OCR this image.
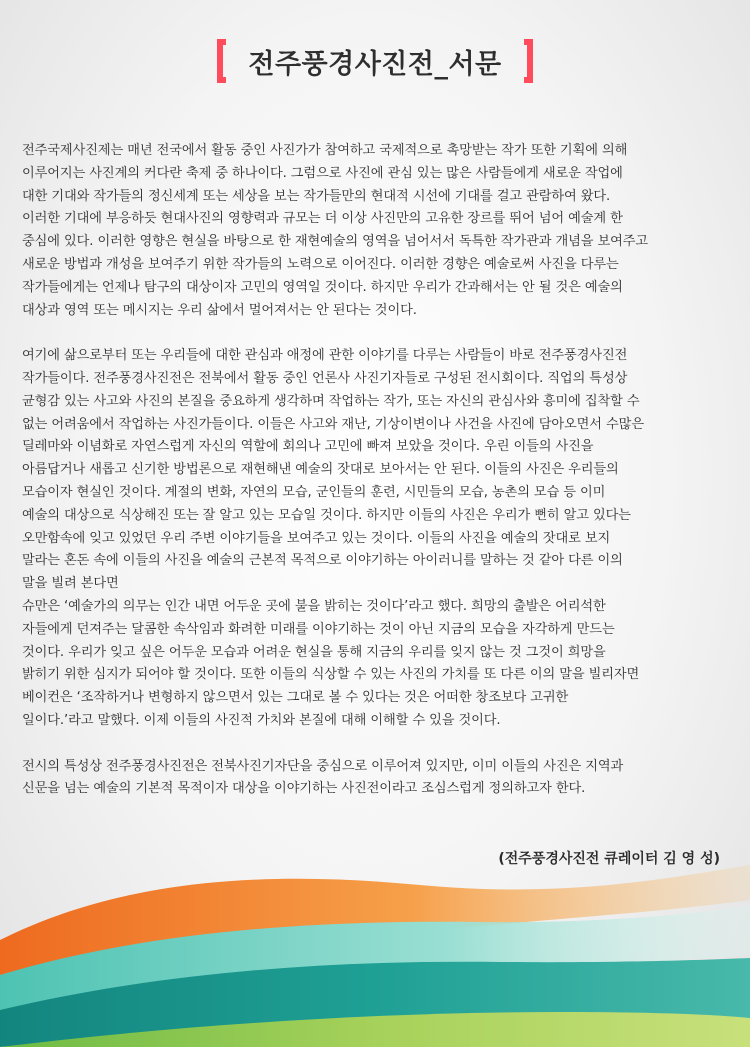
전주풍경사진전_서문

전주국제사진제는 매년 전국에서 활동 중인 사진가가 참여하고 국제적으로 촉망받는 작가 또한 기획에 의해
이루어지는 사진계의 커다란 축제 중 하나이다. 그럼으로 사진에 관심 있는 많은 사람들에게 새로운 작업에
대한 기대와 작가들의 정신세계 또는 세상을 보는 작가들만의 현대적 시선에 기대를 걸고 관람하여 왔다.
이러한 기대에 부응하듯 현대사진의 영향력과 규모는 더 이상 사진만의 고유한 장르를 뛰어 넘어 예술계 한
중심에 있다. 이러한 영향은 현실을 바탕으로 한 재현예술의 영역을 넘어서서 독특한 작가관과 개념을 보여주고
새로운 방법과 개성을 보여주기 위한 작가들의 노력으로 이어진다. 이러한 경향은 예술로써 사진을 다루는
작가들에게는 언제나 탐구의 대상이자 고민의 영역일 것이다. 하지만 우리가 간과해서는 안 될 것은 예술의
대상과 영역 또는 메시지는 우리 삶에서 멀어져서는 안 된다는 것이다.

여기에 삶으로부터 또는 우리들에 대한 관심과 애정에 관한 이야기를 다루는 사람들이 바로 전주풍경사진전
작가들이다. 전주풍경사진전은 전북에서 활동 중인 언론사 사진기자들로 구성된 전시회이다. 직업의 특성상
균형감 있는 사고와 사진의 본질을 중요하게 생각하며 작업하는 작가, 또는 자신의 관심사와 흥미에 집착할 수
없는 어려움에서 작업하는 사진가들이다. 이들은 사고와 재난, 기상이변이나 사건을 사진에 담아오면서 수많은
딜레마와 이념화로 자연스럽게 자신의 역할에 회의나 고민에 빠져 보았을 것이다. 우린 이들의 사진을
아름답거나 새롭고 신기한 방법론으로 재현해낸 예술의 잣대로 보아서는 안 된다. 이들의 사진은 우리들의
모습이자 현실인 것이다. 계절의 변화, 자연의 모습, 군인들의 훈련, 시민들의 모습, 농촌의 모습 등 이미
예술의 대상으로 식상해진 또는 잘 알고 있는 모습일 것이다. 하지만 이들의 사진은 우리가 뻔히 알고 있다는
오만함속에 잊고 있었던 우리 주변 이야기들을 보여주고 있는 것이다. 이들의 사진을 예술의 잣대로 보지
말라는 혼돈 속에 이들의 사진을 예술의 근본적 목적으로 이야기하는 아이러니를 말하는 것 같아 다른 이의
말을 빌려 본다면
슈만은 ‘예술가의 의무는 인간 내면 어두운 곳에 불을 밝히는 것이다’라고 했다. 희망의 출발은 어리석한
자들에게 던져주는 달콤한 속삭임과 화려한 미래를 이야기하는 것이 아닌 지금의 모습을 자각하게 만드는
것이다. 우리가 잊고 싶은 어두운 모습과 어려운 현실을 통해 지금의 우리를 잊지 않는 것 그것이 희망을
밝히기 위한 심지가 되어야 할 것이다. 또한 이들의 식상할 수 있는 사진의 가치를 또 다른 이의 말을 빌리자면
베이컨은 ‘조작하거나 변형하지 않으면서 있는 그대로 볼 수 있다는 것은 어떠한 창조보다 고귀한
일이다.’라고 말했다. 이제 이들의 사진적 가치와 본질에 대해 이해할 수 있을 것이다.

전시의 특성상 전주풍경사진전은 전북사진기자단을 중심으로 이루어져 있지만, 이미 이들의 사진은 지역과
신문을 넘는 예술의 기본적 목적이자 대상을 이야기하는 사진전이라고 조심스럽게 정의하고자 한다.

(전주풍경사진전 큐레이터 김 영 성)
